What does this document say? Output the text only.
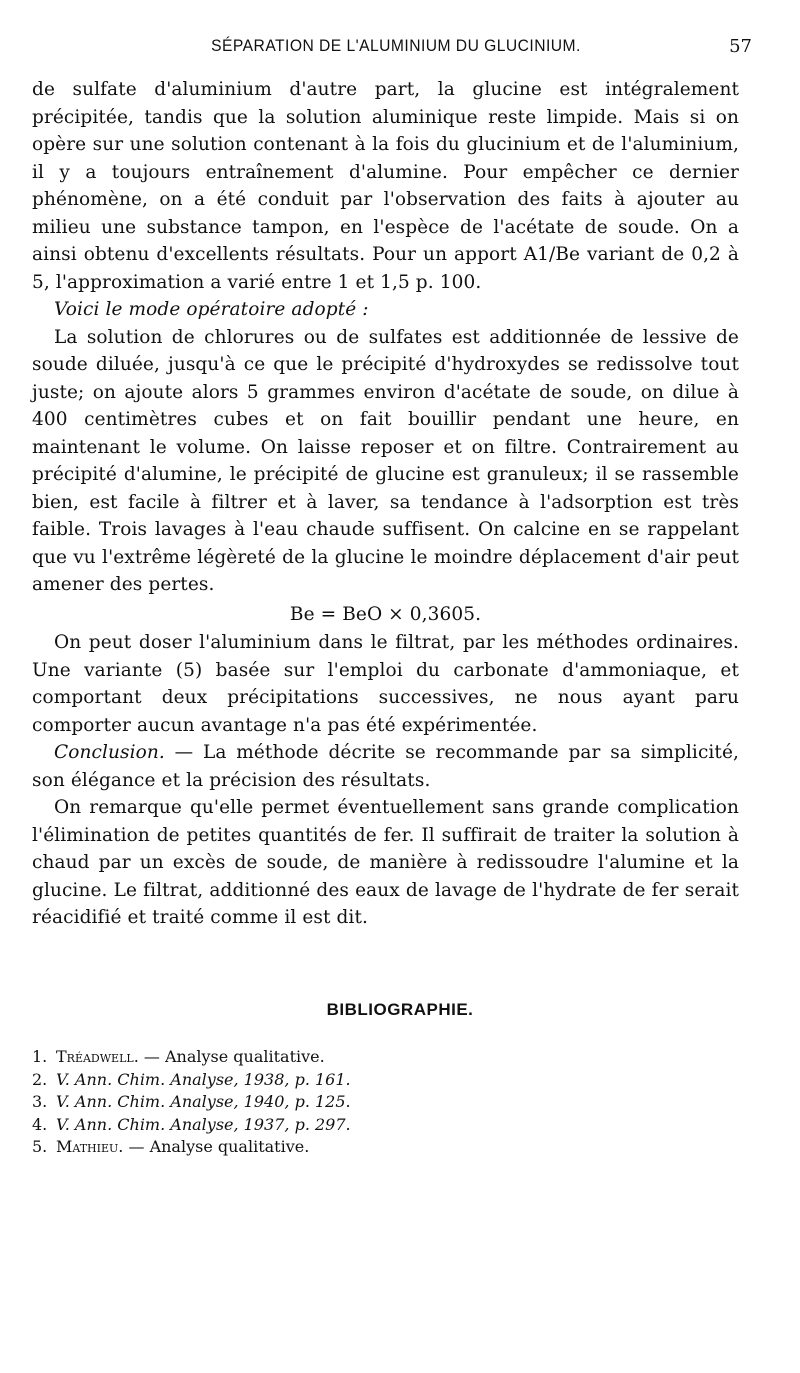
SÉPARATION DE L'ALUMINIUM DU GLUCINIUM.	57

de sulfate d'aluminium d'autre part, la glucine est intégralement précipitée, tandis que la solution aluminique reste limpide. Mais si on opère sur une solution contenant à la fois du glucinium et de l'aluminium, il y a toujours entraînement d'alumine. Pour empêcher ce dernier phénomène, on a été conduit par l'observation des faits à ajouter au milieu une substance tampon, en l'espèce de l'acétate de soude. On a ainsi obtenu d'excellents résultats. Pour un apport A1/Be variant de 0,2 à 5, l'approximation a varié entre 1 et 1,5 p. 100.

Voici le mode opératoire adopté :

La solution de chlorures ou de sulfates est additionnée de lessive de soude diluée, jusqu'à ce que le précipité d'hydroxydes se redissolve tout juste; on ajoute alors 5 grammes environ d'acétate de soude, on dilue à 400 centimètres cubes et on fait bouillir pendant une heure, en maintenant le volume. On laisse reposer et on filtre. Contrairement au précipité d'alumine, le précipité de glucine est granuleux; il se rassemble bien, est facile à filtrer et à laver, sa tendance à l'adsorption est très faible. Trois lavages à l'eau chaude suffisent. On calcine en se rappelant que vu l'extrême légèreté de la glucine le moindre déplacement d'air peut amener des pertes.

Be = BeO × 0,3605.

On peut doser l'aluminium dans le filtrat, par les méthodes ordinaires. Une variante (5) basée sur l'emploi du carbonate d'ammoniaque, et comportant deux précipitations successives, ne nous ayant paru comporter aucun avantage n'a pas été expérimentée.

Conclusion. — La méthode décrite se recommande par sa simplicité, son élégance et la précision des résultats.

On remarque qu'elle permet éventuellement sans grande complication l'élimination de petites quantités de fer. Il suffirait de traiter la solution à chaud par un excès de soude, de manière à redissoudre l'alumine et la glucine. Le filtrat, additionné des eaux de lavage de l'hydrate de fer serait réacidifié et traité comme il est dit.

BIBLIOGRAPHIE.
1. Tréadwell. — Analyse qualitative.
2. V. Ann. Chim. Analyse, 1938, p. 161.
3. V. Ann. Chim. Analyse, 1940, p. 125.
4. V. Ann. Chim. Analyse, 1937, p. 297.
5. Mathieu. — Analyse qualitative.
